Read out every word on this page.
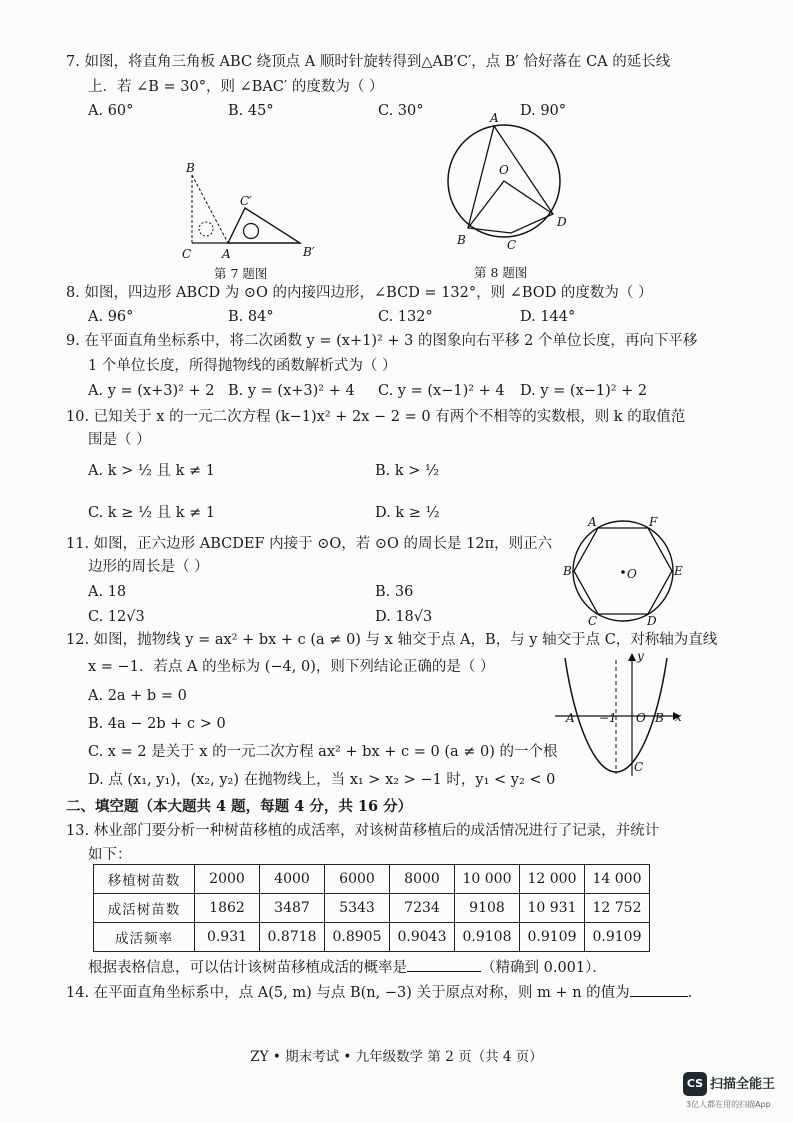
7. 如图，将直角三角板 ABC 绕顶点 A 顺时针旋转得到△AB′C′，点 B′ 恰好落在 CA 的延长线
上．若 ∠B = 30°，则 ∠BAC′ 的度数为（ ）
A. 60°	B. 45°	C. 30°	D. 90°
B
C	A
C′
B′
第 7 题图
A
O
B	C
D
第 8 题图
8. 如图，四边形 ABCD 为 ⊙O 的内接四边形，∠BCD = 132°，则 ∠BOD 的度数为（ ）
A. 96°	B. 84°	C. 132°	D. 144°
9. 在平面直角坐标系中，将二次函数 y = (x+1)² + 3 的图象向右平移 2 个单位长度，再向下平移
1 个单位长度，所得抛物线的函数解析式为（ ）
A. y = (x+3)² + 2 B. y = (x+3)² + 4 C. y = (x−1)² + 4 D. y = (x−1)² + 2
10. 已知关于 x 的一元二次方程 (k−1)x² + 2x − 2 = 0 有两个不相等的实数根，则 k 的取值范
围是（ ）
A. k > ½ 且 k ≠ 1	B. k > ½
C. k ≥ ½ 且 k ≠ 1	D. k ≥ ½
11. 如图，正六边形 ABCDEF 内接于 ⊙O，若 ⊙O 的周长是 12π，则正六
边形的周长是（ ）
A. 18	B. 36
C. 12√3	D. 18√3
A	F
B	E
C	D
O
12. 如图，抛物线 y = ax² + bx + c (a ≠ 0) 与 x 轴交于点 A，B，与 y 轴交于点 C，对称轴为直线
x = −1．若点 A 的坐标为 (−4, 0)，则下列结论正确的是（ ）
A. 2a + b = 0
B. 4a − 2b + c > 0
C. x = 2 是关于 x 的一元二次方程 ax² + bx + c = 0 (a ≠ 0) 的一个根
D. 点 (x₁, y₁)，(x₂, y₂) 在抛物线上，当 x₁ > x₂ > −1 时，y₁ < y₂ < 0
y
x
A −1 O B
C
二、填空题（本大题共 4 题，每题 4 分，共 16 分）
13. 林业部门要分析一种树苗移植的成活率，对该树苗移植后的成活情况进行了记录，并统计
如下：
移植树苗数	2000	4000	6000	8000	10 000	12 000	14 000
成活树苗数	1862	3487	5343	7234	9108	10 931	12 752
成活频率	0.931	0.8718	0.8905	0.9043	0.9108	0.9109	0.9109
根据表格信息，可以估计该树苗移植成活的概率是	（精确到 0.001）．
14. 在平面直角坐标系中，点 A(5, m) 与点 B(n, −3) 关于原点对称，则 m + n 的值为	．
ZY • 期末考试 • 九年级数学 第 2 页（共 4 页）
CS 扫描全能王
3亿人都在用的扫描App
